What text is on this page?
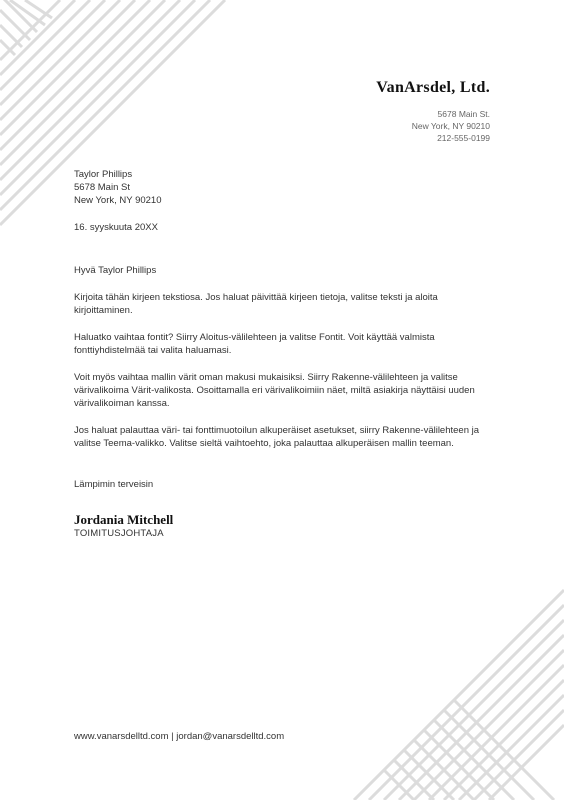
VanArsdel, Ltd.
5678 Main St.
New York, NY 90210
212-555-0199
Taylor Phillips
5678 Main St
New York, NY 90210
16. syyskuuta 20XX
Hyvä Taylor Phillips

Kirjoita tähän kirjeen tekstiosa. Jos haluat päivittää kirjeen tietoja, valitse teksti ja aloita kirjoittaminen.

Haluatko vaihtaa fontit? Siirry Aloitus-välilehteen ja valitse Fontit. Voit käyttää valmista fonttiyhdistelmää tai valita haluamasi.

Voit myös vaihtaa mallin värit oman makusi mukaisiksi. Siirry Rakenne-välilehteen ja valitse värivalikoima Värit-valikosta. Osoittamalla eri värivalikoimiin näet, miltä asiakirja näyttäisi uuden värivalikoiman kanssa.

Jos haluat palauttaa väri- tai fonttimuotoilun alkuperäiset asetukset, siirry Rakenne-välilehteen ja valitse Teema-valikko. Valitse sieltä vaihtoehto, joka palauttaa alkuperäisen mallin teeman.

Lämpimin terveisin
Jordania Mitchell
TOIMITUSJOHTAJA
www.vanarsdelltd.com | jordan@vanarsdelltd.com
